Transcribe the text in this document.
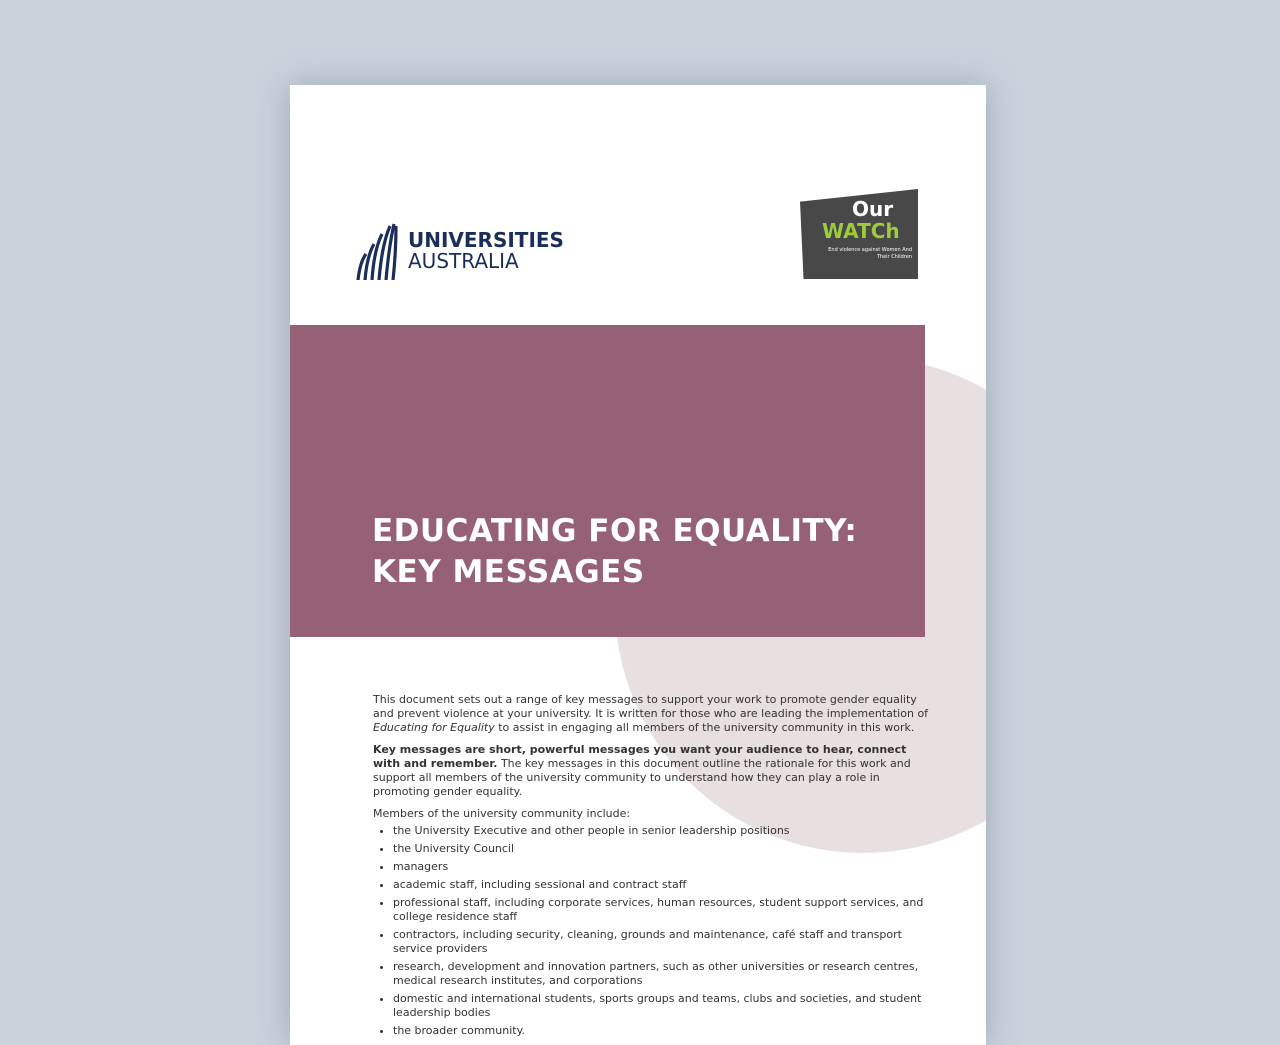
UNIVERSITIES
AUSTRALIA
Our
WATCh
End violence against Women And Their Children
EDUCATING FOR EQUALITY:
KEY MESSAGES

This document sets out a range of key messages to support your work to promote gender equality and prevent violence at your university. It is written for those who are leading the implementation of Educating for Equality to assist in engaging all members of the university community in this work.

Key messages are short, powerful messages you want your audience to hear, connect with and remember. The key messages in this document outline the rationale for this work and support all members of the university community to understand how they can play a role in promoting gender equality.

Members of the university community include:
• the University Executive and other people in senior leadership positions
• the University Council
• managers
• academic staff, including sessional and contract staff
• professional staff, including corporate services, human resources, student support services, and college residence staff
• contractors, including security, cleaning, grounds and maintenance, café staff and transport service providers
• research, development and innovation partners, such as other universities or research centres, medical research institutes, and corporations
• domestic and international students, sports groups and teams, clubs and societies, and student leadership bodies
• the broader community.
